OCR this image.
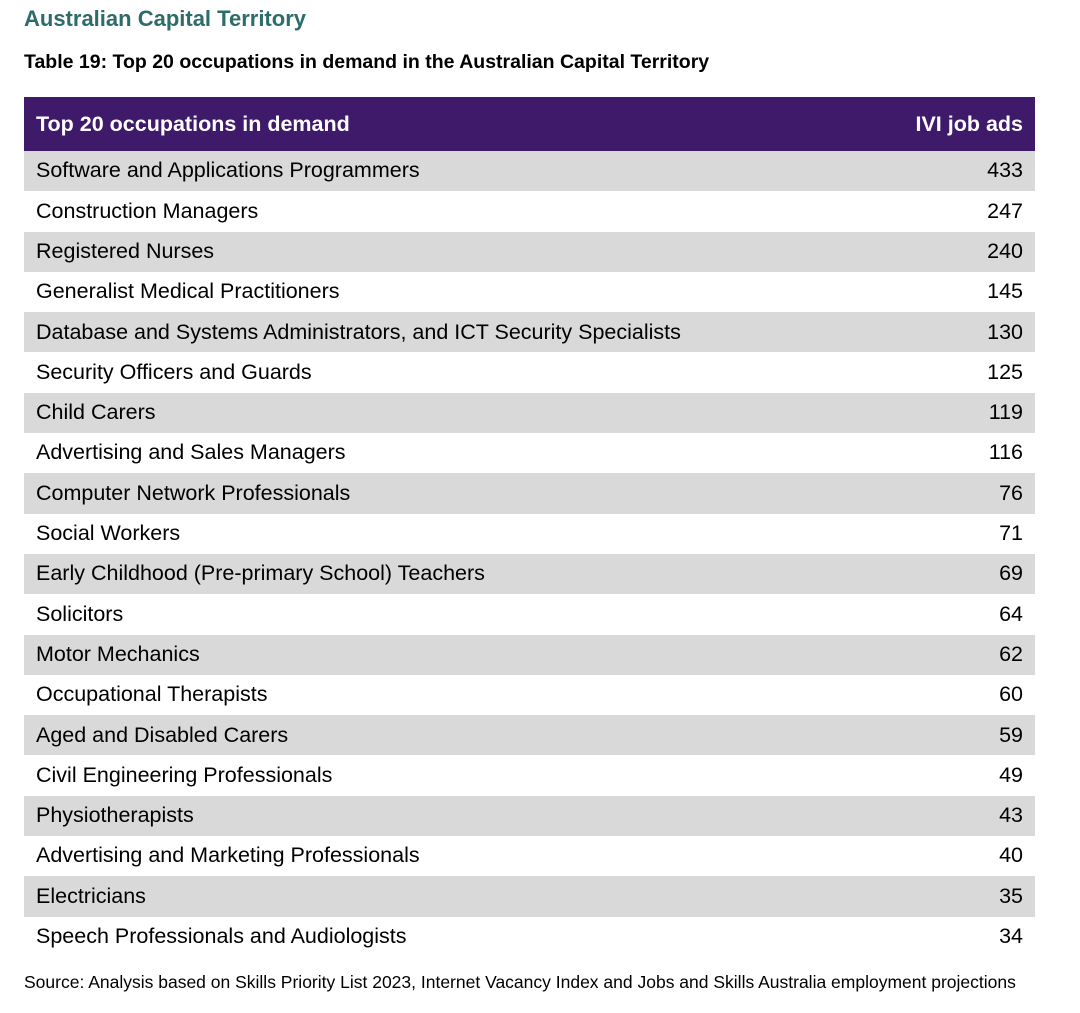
Australian Capital Territory
Table 19: Top 20 occupations in demand in the Australian Capital Territory
Top 20 occupations in demand	IVI job ads
Software and Applications Programmers	433
Construction Managers	247
Registered Nurses	240
Generalist Medical Practitioners	145
Database and Systems Administrators, and ICT Security Specialists	130
Security Officers and Guards	125
Child Carers	119
Advertising and Sales Managers	116
Computer Network Professionals	76
Social Workers	71
Early Childhood (Pre-primary School) Teachers	69
Solicitors	64
Motor Mechanics	62
Occupational Therapists	60
Aged and Disabled Carers	59
Civil Engineering Professionals	49
Physiotherapists	43
Advertising and Marketing Professionals	40
Electricians	35
Speech Professionals and Audiologists	34
Source: Analysis based on Skills Priority List 2023, Internet Vacancy Index and Jobs and Skills Australia employment projections
